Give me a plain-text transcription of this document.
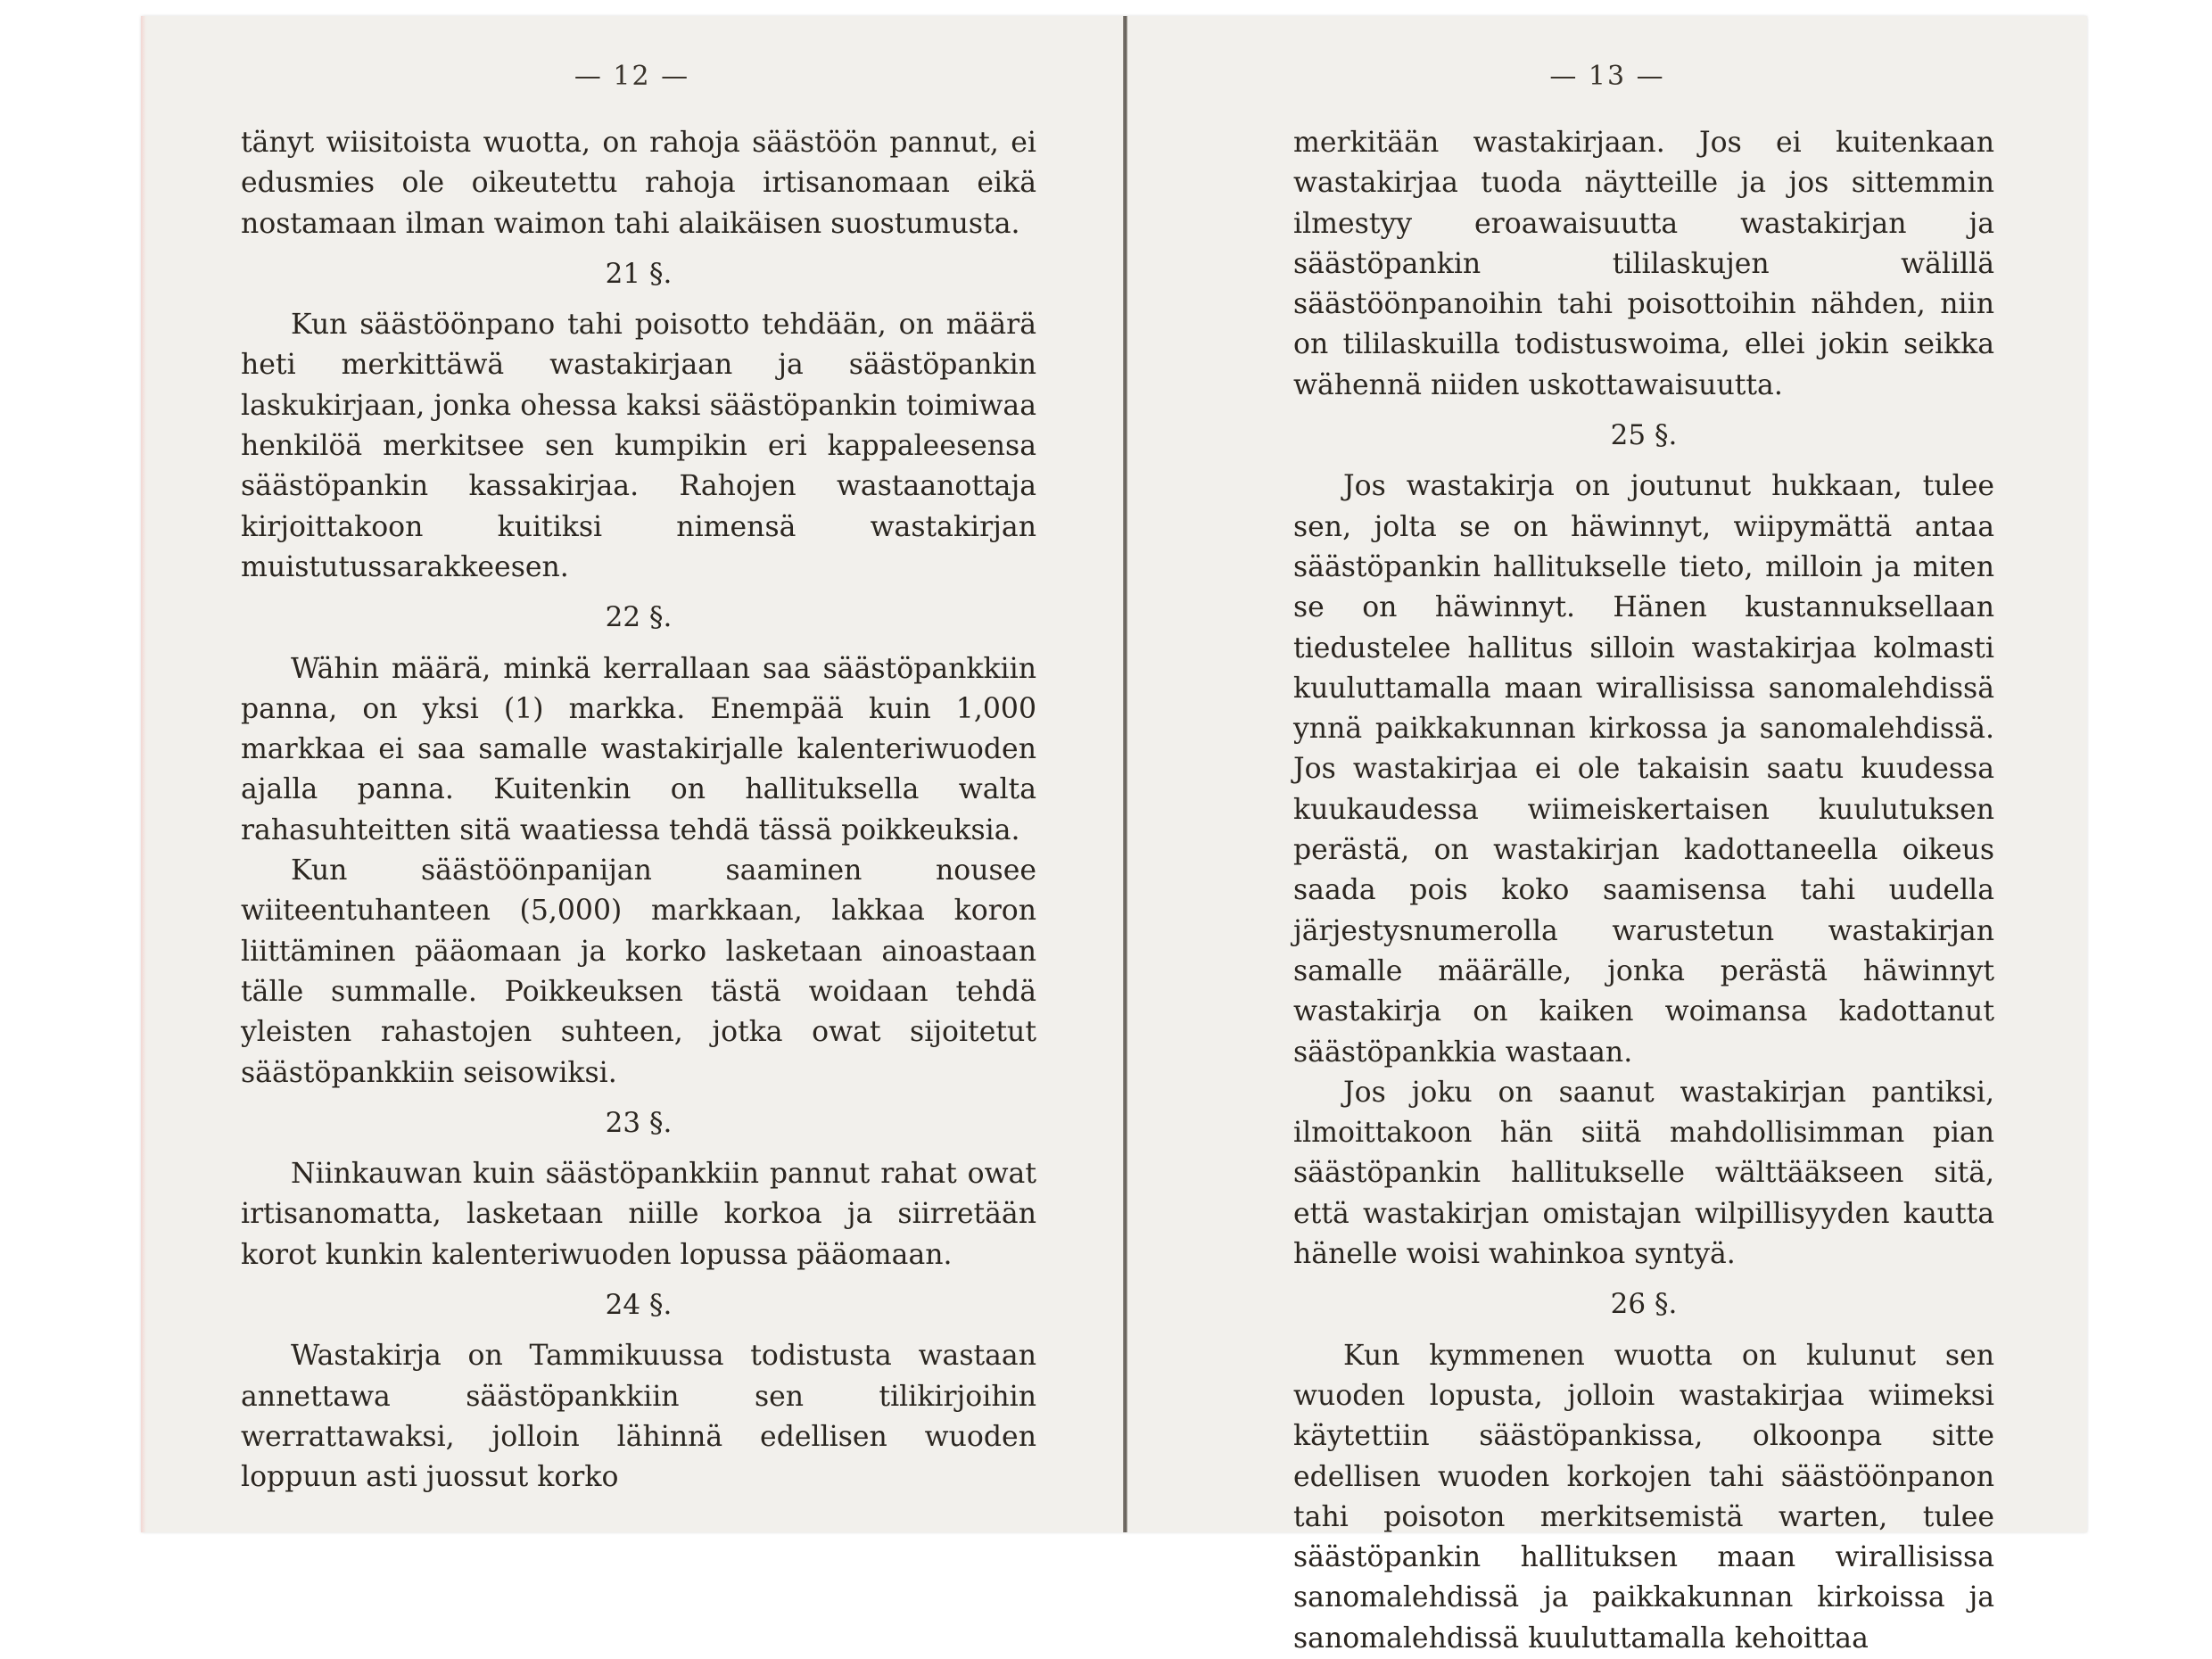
— 12 —

tänyt wiisitoista wuotta, on rahoja säästöön pannut, ei edusmies ole oikeutettu rahoja irtisanomaan eikä nostamaan ilman waimon tahi alaikäisen suostumusta.

21 §.

Kun säästöönpano tahi poisotto tehdään, on määrä heti merkittäwä wastakirjaan ja säästöpankin laskukirjaan, jonka ohessa kaksi säästöpankin toimiwaa henkilöä merkitsee sen kumpikin eri kappaleesensa säästöpankin kassakirjaa. Rahojen wastaanottaja kirjoittakoon kuitiksi nimensä wastakirjan muistutussarakkeesen.

22 §.

Wähin määrä, minkä kerrallaan saa säästöpankkiin panna, on yksi (1) markka. Enempää kuin 1,000 markkaa ei saa samalle wastakirjalle kalenteriwuoden ajalla panna. Kuitenkin on hallituksella walta rahasuhteitten sitä waatiessa tehdä tässä poikkeuksia.

Kun säästöönpanijan saaminen nousee wiiteentuhanteen (5,000) markkaan, lakkaa koron liittäminen pääomaan ja korko lasketaan ainoastaan tälle summalle. Poikkeuksen tästä woidaan tehdä yleisten rahastojen suhteen, jotka owat sijoitetut säästöpankkiin seisowiksi.

23 §.

Niinkauwan kuin säästöpankkiin pannut rahat owat irtisanomatta, lasketaan niille korkoa ja siirretään korot kunkin kalenteriwuoden lopussa pääomaan.

24 §.

Wastakirja on Tammikuussa todistusta wastaan annettawa säästöpankkiin sen tilikirjoihin werrattawaksi, jolloin lähinnä edellisen wuoden loppuun asti juossut korko

— 13 —

merkitään wastakirjaan. Jos ei kuitenkaan wastakirjaa tuoda näytteille ja jos sittemmin ilmestyy eroawaisuutta wastakirjan ja säästöpankin tililaskujen wälillä säästöönpanoihin tahi poisottoihin nähden, niin on tililaskuilla todistuswoima, ellei jokin seikka wähennä niiden uskottawaisuutta.

25 §.

Jos wastakirja on joutunut hukkaan, tulee sen, jolta se on häwinnyt, wiipymättä antaa säästöpankin hallitukselle tieto, milloin ja miten se on häwinnyt. Hänen kustannuksellaan tiedustelee hallitus silloin wastakirjaa kolmasti kuuluttamalla maan wirallisissa sanomalehdissä ynnä paikkakunnan kirkossa ja sanomalehdissä. Jos wastakirjaa ei ole takaisin saatu kuudessa kuukaudessa wiimeiskertaisen kuulutuksen perästä, on wastakirjan kadottaneella oikeus saada pois koko saamisensa tahi uudella järjestysnumerolla warustetun wastakirjan samalle määrälle, jonka perästä häwinnyt wastakirja on kaiken woimansa kadottanut säästöpankkia wastaan.

Jos joku on saanut wastakirjan pantiksi, ilmoittakoon hän siitä mahdollisimman pian säästöpankin hallitukselle wälttääkseen sitä, että wastakirjan omistajan wilpillisyyden kautta hänelle woisi wahinkoa syntyä.

26 §.

Kun kymmenen wuotta on kulunut sen wuoden lopusta, jolloin wastakirjaa wiimeksi käytettiin säästöpankissa, olkoonpa sitte edellisen wuoden korkojen tahi säästöönpanon tahi poisoton merkitsemistä warten, tulee säästöpankin hallituksen maan wirallisissa sanomalehdissä ja paikkakunnan kirkoissa ja sanomalehdissä kuuluttamalla kehoittaa
